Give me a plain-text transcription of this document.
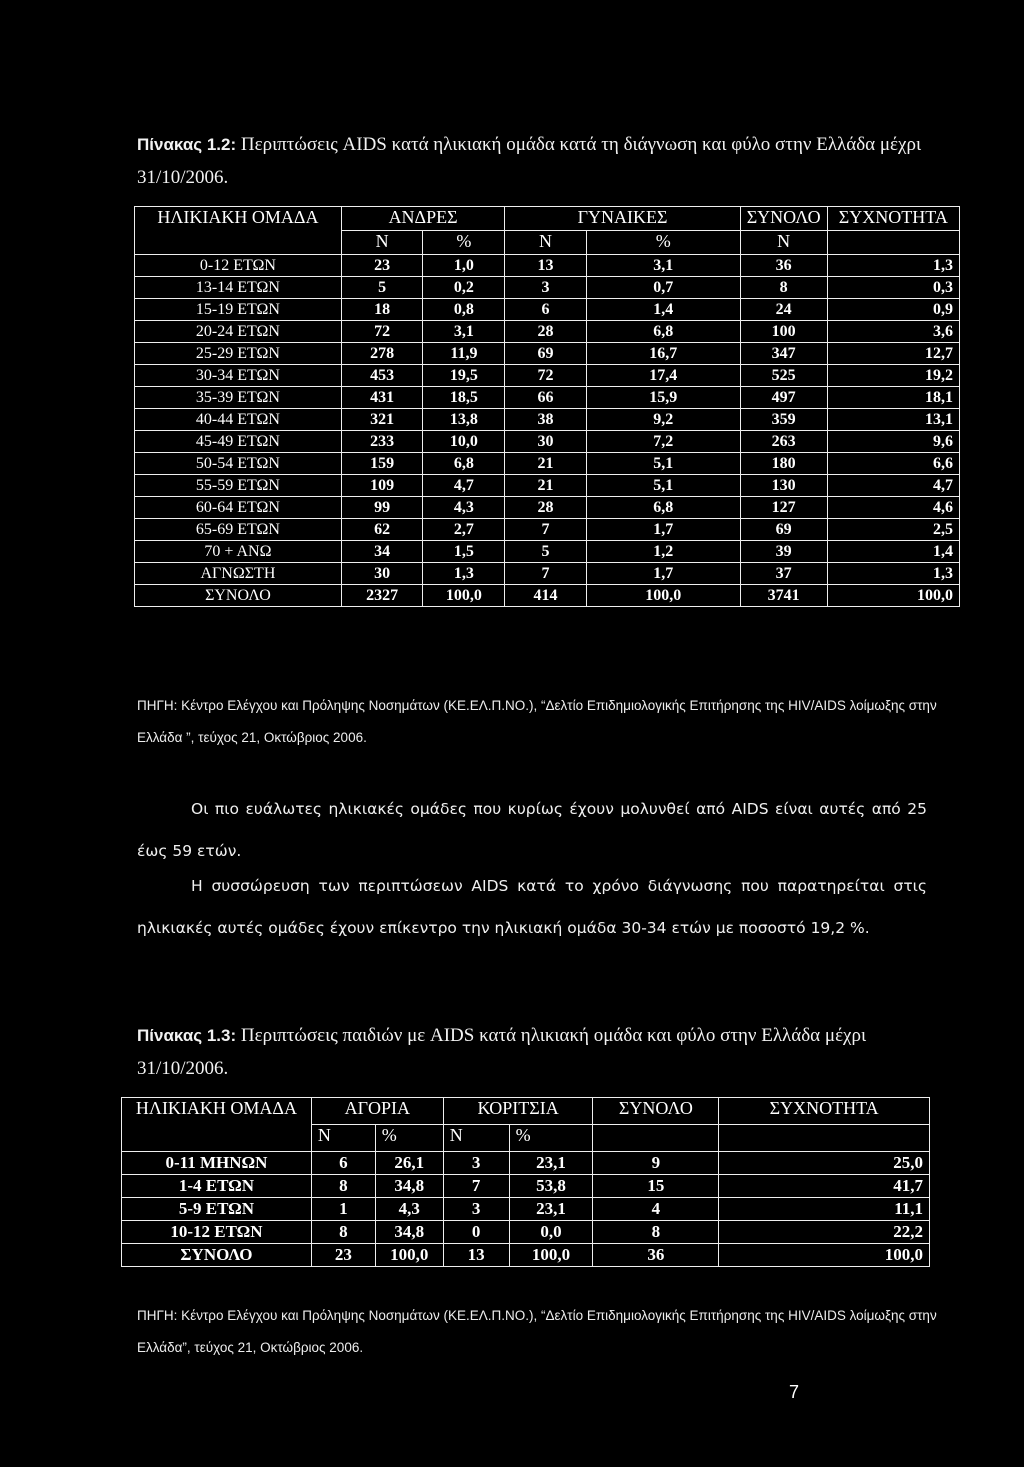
Πίνακας 1.2: Περιπτώσεις AIDS κατά ηλικιακή ομάδα κατά τη διάγνωση και φύλο στην Ελλάδα μέχρι 31/10/2006.
ΗΛΙΚΙΑΚΗ ΟΜΑΔΑ	ΑΝΔΡΕΣ		ΓΥΝΑΙΚΕΣ		ΣΥΝΟΛΟ	ΣΥΧΝΟΤΗΤΑ
	Ν	%	Ν	%	Ν	
0-12 ΕΤΩΝ	23	1,0	13	3,1	36	1,3
13-14 ΕΤΩΝ	5	0,2	3	0,7	8	0,3
15-19 ΕΤΩΝ	18	0,8	6	1,4	24	0,9
20-24 ΕΤΩΝ	72	3,1	28	6,8	100	3,6
25-29 ΕΤΩΝ	278	11,9	69	16,7	347	12,7
30-34 ΕΤΩΝ	453	19,5	72	17,4	525	19,2
35-39 ΕΤΩΝ	431	18,5	66	15,9	497	18,1
40-44 ΕΤΩΝ	321	13,8	38	9,2	359	13,1
45-49 ΕΤΩΝ	233	10,0	30	7,2	263	9,6
50-54 ΕΤΩΝ	159	6,8	21	5,1	180	6,6
55-59 ΕΤΩΝ	109	4,7	21	5,1	130	4,7
60-64 ΕΤΩΝ	99	4,3	28	6,8	127	4,6
65-69 ΕΤΩΝ	62	2,7	7	1,7	69	2,5
70 + ΑΝΩ	34	1,5	5	1,2	39	1,4
ΑΓΝΩΣΤΗ	30	1,3	7	1,7	37	1,3
ΣΥΝΟΛΟ	2327	100,0	414	100,0	3741	100,0
ΠΗΓΗ: Κέντρο Ελέγχου και Πρόληψης Νοσημάτων (ΚΕ.ΕΛ.Π.ΝΟ.), “Δελτίο Επιδημιολογικής Επιτήρησης της HIV/AIDS λοίμωξης στην Ελλάδα ”, τεύχος 21, Οκτώβριος 2006.
Οι πιο ευάλωτες ηλικιακές ομάδες που κυρίως έχουν μολυνθεί από AIDS είναι αυτές από 25 έως 59 ετών.
Η συσσώρευση των περιπτώσεων AIDS κατά το χρόνο διάγνωσης που παρατηρείται στις ηλικιακές αυτές ομάδες έχουν επίκεντρο την ηλικιακή ομάδα 30-34 ετών με ποσοστό 19,2 %.
Πίνακας 1.3: Περιπτώσεις παιδιών με AIDS κατά ηλικιακή ομάδα και φύλο στην Ελλάδα μέχρι 31/10/2006.
ΗΛΙΚΙΑΚΗ ΟΜΑΔΑ	ΑΓΟΡΙΑ		ΚΟΡΙΤΣΙΑ		ΣΥΝΟΛΟ	ΣΥΧΝΟΤΗΤΑ
	Ν	%	Ν	%		
0-11 ΜΗΝΩΝ	6	26,1	3	23,1	9	25,0
1-4 ΕΤΩΝ	8	34,8	7	53,8	15	41,7
5-9 ΕΤΩΝ	1	4,3	3	23,1	4	11,1
10-12 ΕΤΩΝ	8	34,8	0	0,0	8	22,2
ΣΥΝΟΛΟ	23	100,0	13	100,0	36	100,0
ΠΗΓΗ: Κέντρο Ελέγχου και Πρόληψης Νοσημάτων (ΚΕ.ΕΛ.Π.ΝΟ.), “Δελτίο Επιδημιολογικής Επιτήρησης της HIV/AIDS λοίμωξης στην Ελλάδα”, τεύχος 21, Οκτώβριος 2006.
7
